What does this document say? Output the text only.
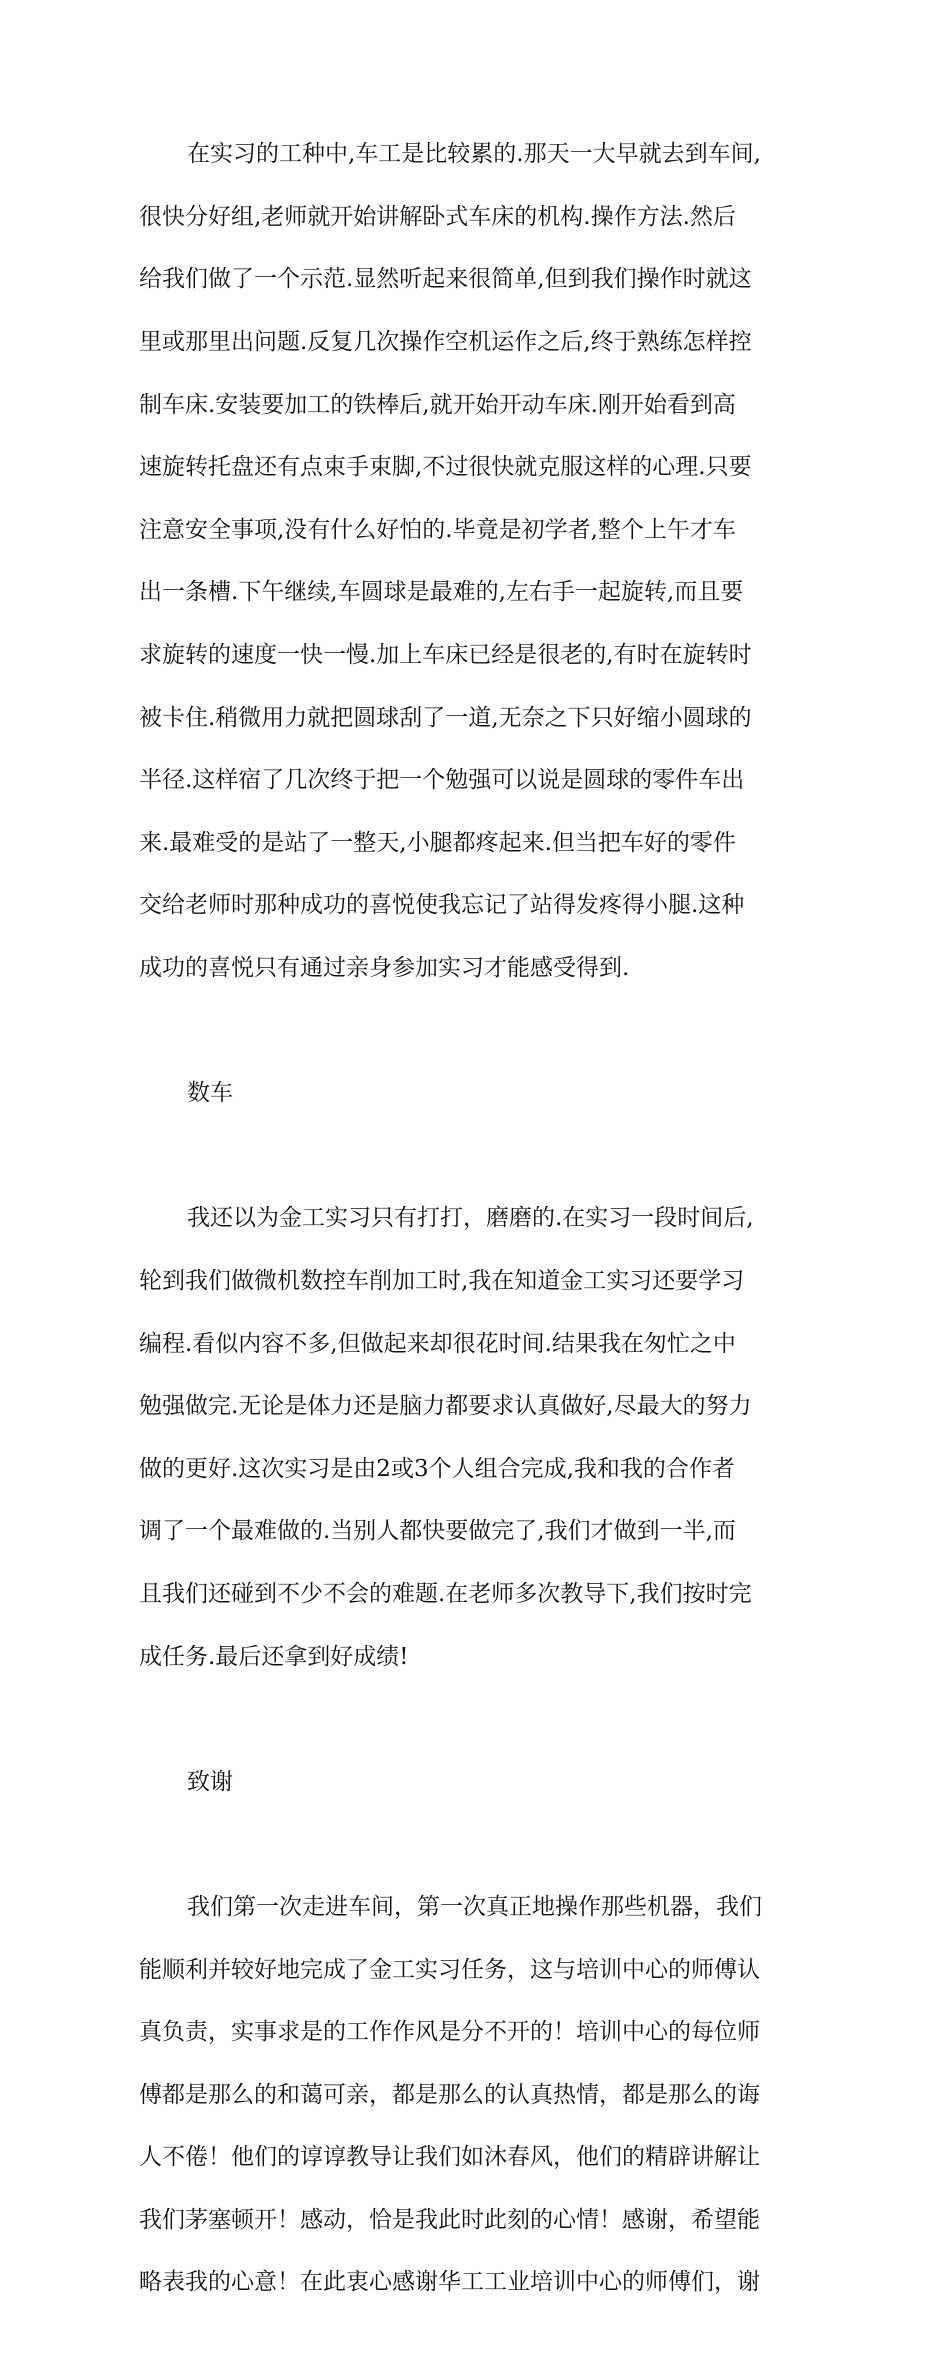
在实习的工种中,车工是比较累的.那天一大早就去到车间,

很快分好组,老师就开始讲解卧式车床的机构.操作方法.然后

给我们做了一个示范.显然听起来很简单,但到我们操作时就这

里或那里出问题.反复几次操作空机运作之后,终于熟练怎样控

制车床.安装要加工的铁棒后,就开始开动车床.刚开始看到高

速旋转托盘还有点束手束脚,不过很快就克服这样的心理.只要

注意安全事项,没有什么好怕的.毕竟是初学者,整个上午才车

出一条槽.下午继续,车圆球是最难的,左右手一起旋转,而且要

求旋转的速度一快一慢.加上车床已经是很老的,有时在旋转时

被卡住.稍微用力就把圆球刮了一道,无奈之下只好缩小圆球的

半径.这样宿了几次终于把一个勉强可以说是圆球的零件车出

来.最难受的是站了一整天,小腿都疼起来.但当把车好的零件

交给老师时那种成功的喜悦使我忘记了站得发疼得小腿.这种

成功的喜悦只有通过亲身参加实习才能感受得到.

数车

我还以为金工实习只有打打，磨磨的.在实习一段时间后,

轮到我们做微机数控车削加工时,我在知道金工实习还要学习

编程.看似内容不多,但做起来却很花时间.结果我在匆忙之中

勉强做完.无论是体力还是脑力都要求认真做好,尽最大的努力

做的更好.这次实习是由2或3个人组合完成,我和我的合作者

调了一个最难做的.当别人都快要做完了,我们才做到一半,而

且我们还碰到不少不会的难题.在老师多次教导下,我们按时完

成任务.最后还拿到好成绩!

致谢

我们第一次走进车间，第一次真正地操作那些机器，我们

能顺利并较好地完成了金工实习任务，这与培训中心的师傅认

真负责，实事求是的工作作风是分不开的！培训中心的每位师

傅都是那么的和蔼可亲，都是那么的认真热情，都是那么的诲

人不倦！他们的谆谆教导让我们如沐春风，他们的精辟讲解让

我们茅塞顿开！感动，恰是我此时此刻的心情！感谢，希望能

略表我的心意！在此衷心感谢华工工业培训中心的师傅们，谢
